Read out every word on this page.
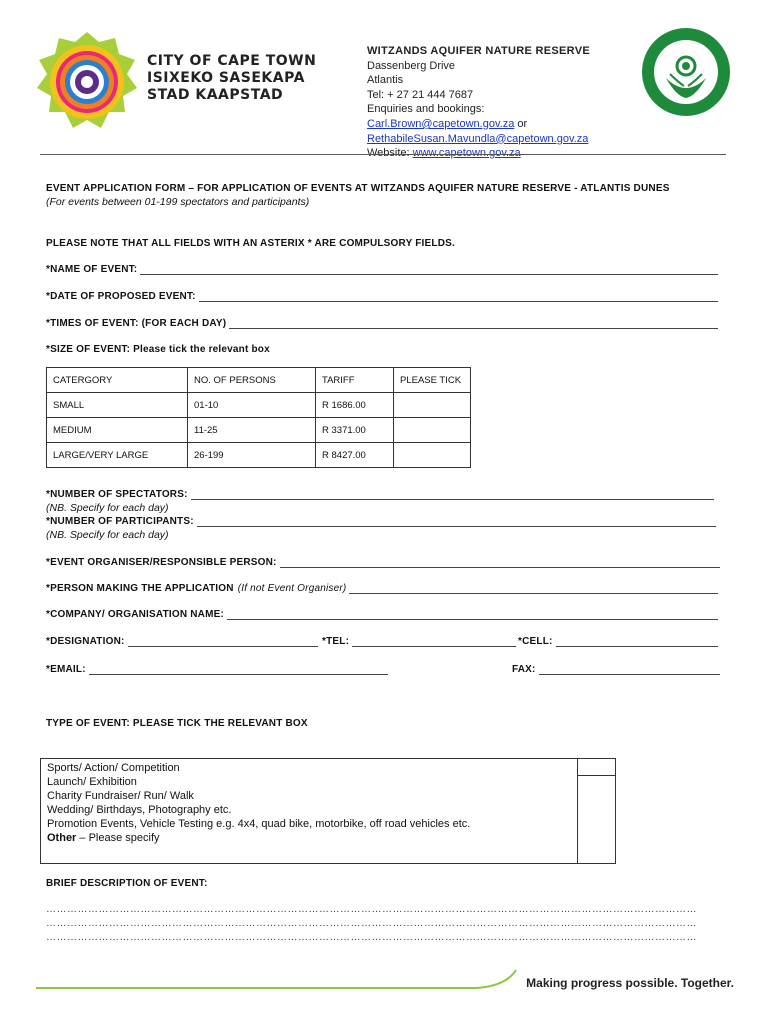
CITY OF CAPE TOWN
ISIXEKO SASEKAPA
STAD KAAPSTAD
WITZANDS AQUIFER NATURE RESERVE
Dassenberg Drive
Atlantis
Tel: + 27 21 444 7687
Enquiries and bookings:
Carl.Brown@capetown.gov.za or
RethabileSusan.Mavundla@capetown.gov.za
EVENT APPLICATION FORM – FOR APPLICATION OF EVENTS AT WITZANDS AQUIFER NATURE RESERVE - ATLANTIS DUNES
(For events between 01-199 spectators and participants)
PLEASE NOTE THAT ALL FIELDS WITH AN ASTERIX * ARE COMPULSORY FIELDS.
*NAME OF EVENT:
*DATE OF PROPOSED EVENT:
*TIMES OF EVENT: (FOR EACH DAY)
*SIZE OF EVENT: Please tick the relevant box
CATERGORY	NO. OF PERSONS	TARIFF	PLEASE TICK
SMALL	01-10	R 1686.00	
MEDIUM	11-25	R 3371.00	
LARGE/VERY LARGE	26-199	R 8427.00	
*NUMBER OF SPECTATORS:
(NB. Specify for each day)
*NUMBER OF PARTICIPANTS:
(NB. Specify for each day)
*EVENT ORGANISER/RESPONSIBLE PERSON:
*PERSON MAKING THE APPLICATION (If not Event Organiser)
*COMPANY/ ORGANISATION NAME:
*DESIGNATION:	*TEL:	*CELL:
*EMAIL:	FAX:
TYPE OF EVENT: PLEASE TICK THE RELEVANT BOX
Sports/ Action/ Competition
Launch/ Exhibition
Charity Fundraiser/ Run/ Walk
Wedding/ Birthdays, Photography etc.
Promotion Events, Vehicle Testing e.g. 4x4, quad bike, motorbike, off road vehicles etc.
Other – Please specify
BRIEF DESCRIPTION OF EVENT:
……………………………………………………………………………………………………………………………………………………………………
……………………………………………………………………………………………………………………………………………………………………
……………………………………………………………………………………………………………………………………………………………………
Making progress possible. Together.
